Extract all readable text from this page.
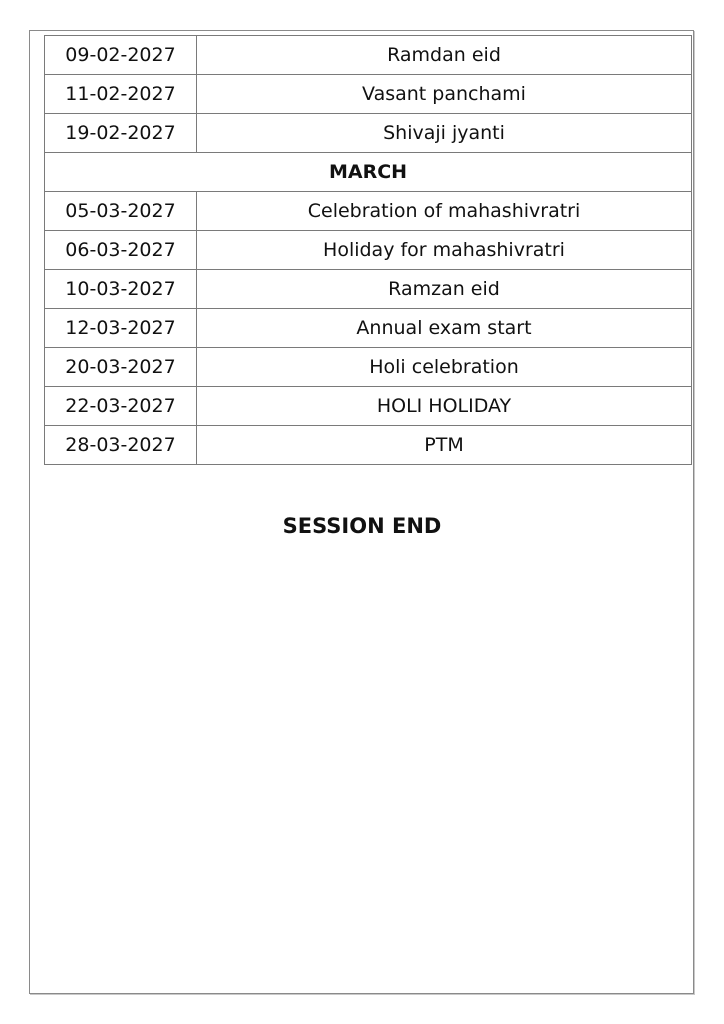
09-02-2027	Ramdan eid
11-02-2027	Vasant panchami
19-02-2027	Shivaji jyanti
MARCH	
05-03-2027	Celebration of mahashivratri
06-03-2027	Holiday for mahashivratri
10-03-2027	Ramzan eid
12-03-2027	Annual exam start
20-03-2027	Holi celebration
22-03-2027	HOLI HOLIDAY
28-03-2027	PTM
SESSION END
